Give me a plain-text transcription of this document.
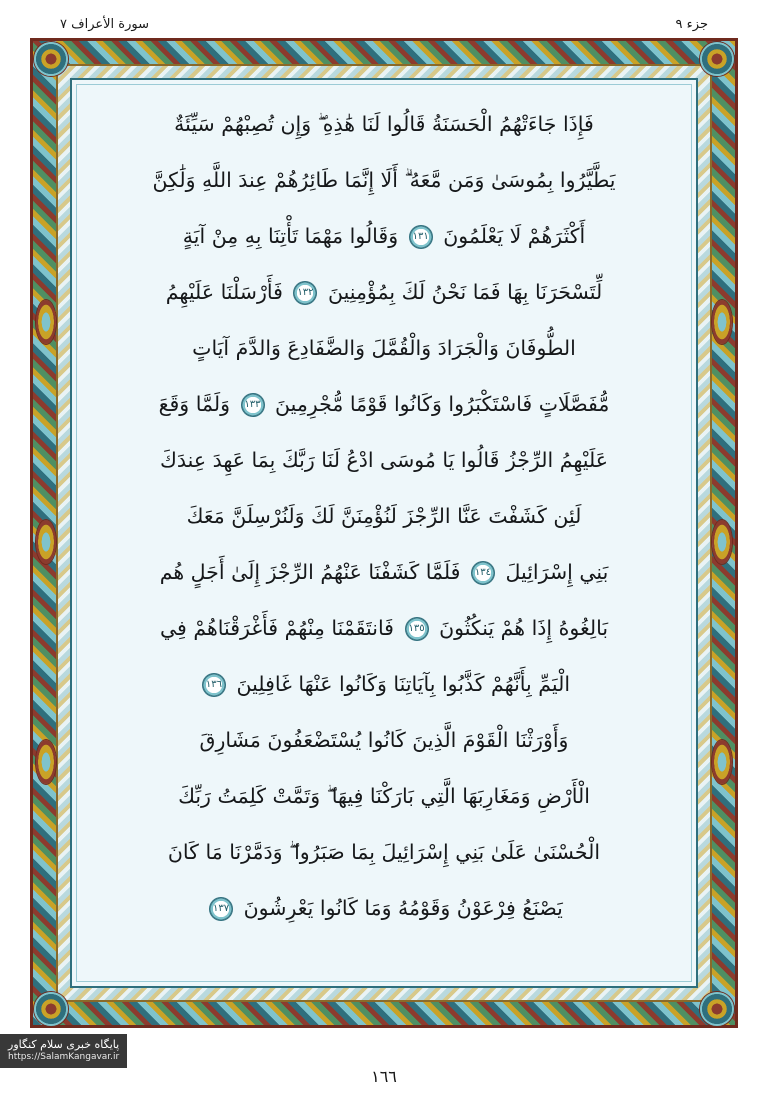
سورة الأعراف ٧	جزء ٩
فَإِذَا جَاءَتْهُمُ الْحَسَنَةُ قَالُوا لَنَا هَٰذِهِ ۖ وَإِن تُصِبْهُمْ سَيِّئَةٌ
يَطَّيَّرُوا بِمُوسَىٰ وَمَن مَّعَهُ ۗ أَلَا إِنَّمَا طَائِرُهُمْ عِندَ اللَّهِ وَلَٰكِنَّ
أَكْثَرَهُمْ لَا يَعْلَمُونَ ١٣١ وَقَالُوا مَهْمَا تَأْتِنَا بِهِ مِنْ آيَةٍ
لِّتَسْحَرَنَا بِهَا فَمَا نَحْنُ لَكَ بِمُؤْمِنِينَ ١٣٢ فَأَرْسَلْنَا عَلَيْهِمُ
الطُّوفَانَ وَالْجَرَادَ وَالْقُمَّلَ وَالضَّفَادِعَ وَالدَّمَ آيَاتٍ
مُّفَصَّلَاتٍ فَاسْتَكْبَرُوا وَكَانُوا قَوْمًا مُّجْرِمِينَ ١٣٣ وَلَمَّا وَقَعَ
عَلَيْهِمُ الرِّجْزُ قَالُوا يَا مُوسَى ادْعُ لَنَا رَبَّكَ بِمَا عَهِدَ عِندَكَ
لَئِن كَشَفْتَ عَنَّا الرِّجْزَ لَنُؤْمِنَنَّ لَكَ وَلَنُرْسِلَنَّ مَعَكَ
بَنِي إِسْرَائِيلَ ١٣٤ فَلَمَّا كَشَفْنَا عَنْهُمُ الرِّجْزَ إِلَىٰ أَجَلٍ هُم
بَالِغُوهُ إِذَا هُمْ يَنكُثُونَ ١٣٥ فَانتَقَمْنَا مِنْهُمْ فَأَغْرَقْنَاهُمْ فِي
الْيَمِّ بِأَنَّهُمْ كَذَّبُوا بِآيَاتِنَا وَكَانُوا عَنْهَا غَافِلِينَ ١٣٦
وَأَوْرَثْنَا الْقَوْمَ الَّذِينَ كَانُوا يُسْتَضْعَفُونَ مَشَارِقَ
الْأَرْضِ وَمَغَارِبَهَا الَّتِي بَارَكْنَا فِيهَا ۖ وَتَمَّتْ كَلِمَتُ رَبِّكَ
الْحُسْنَىٰ عَلَىٰ بَنِي إِسْرَائِيلَ بِمَا صَبَرُوا ۖ وَدَمَّرْنَا مَا كَانَ
يَصْنَعُ فِرْعَوْنُ وَقَوْمُهُ وَمَا كَانُوا يَعْرِشُونَ ١٣٧
١٦٦
پایگاه خبری سلام کنگاور
https://SalamKangavar.ir
